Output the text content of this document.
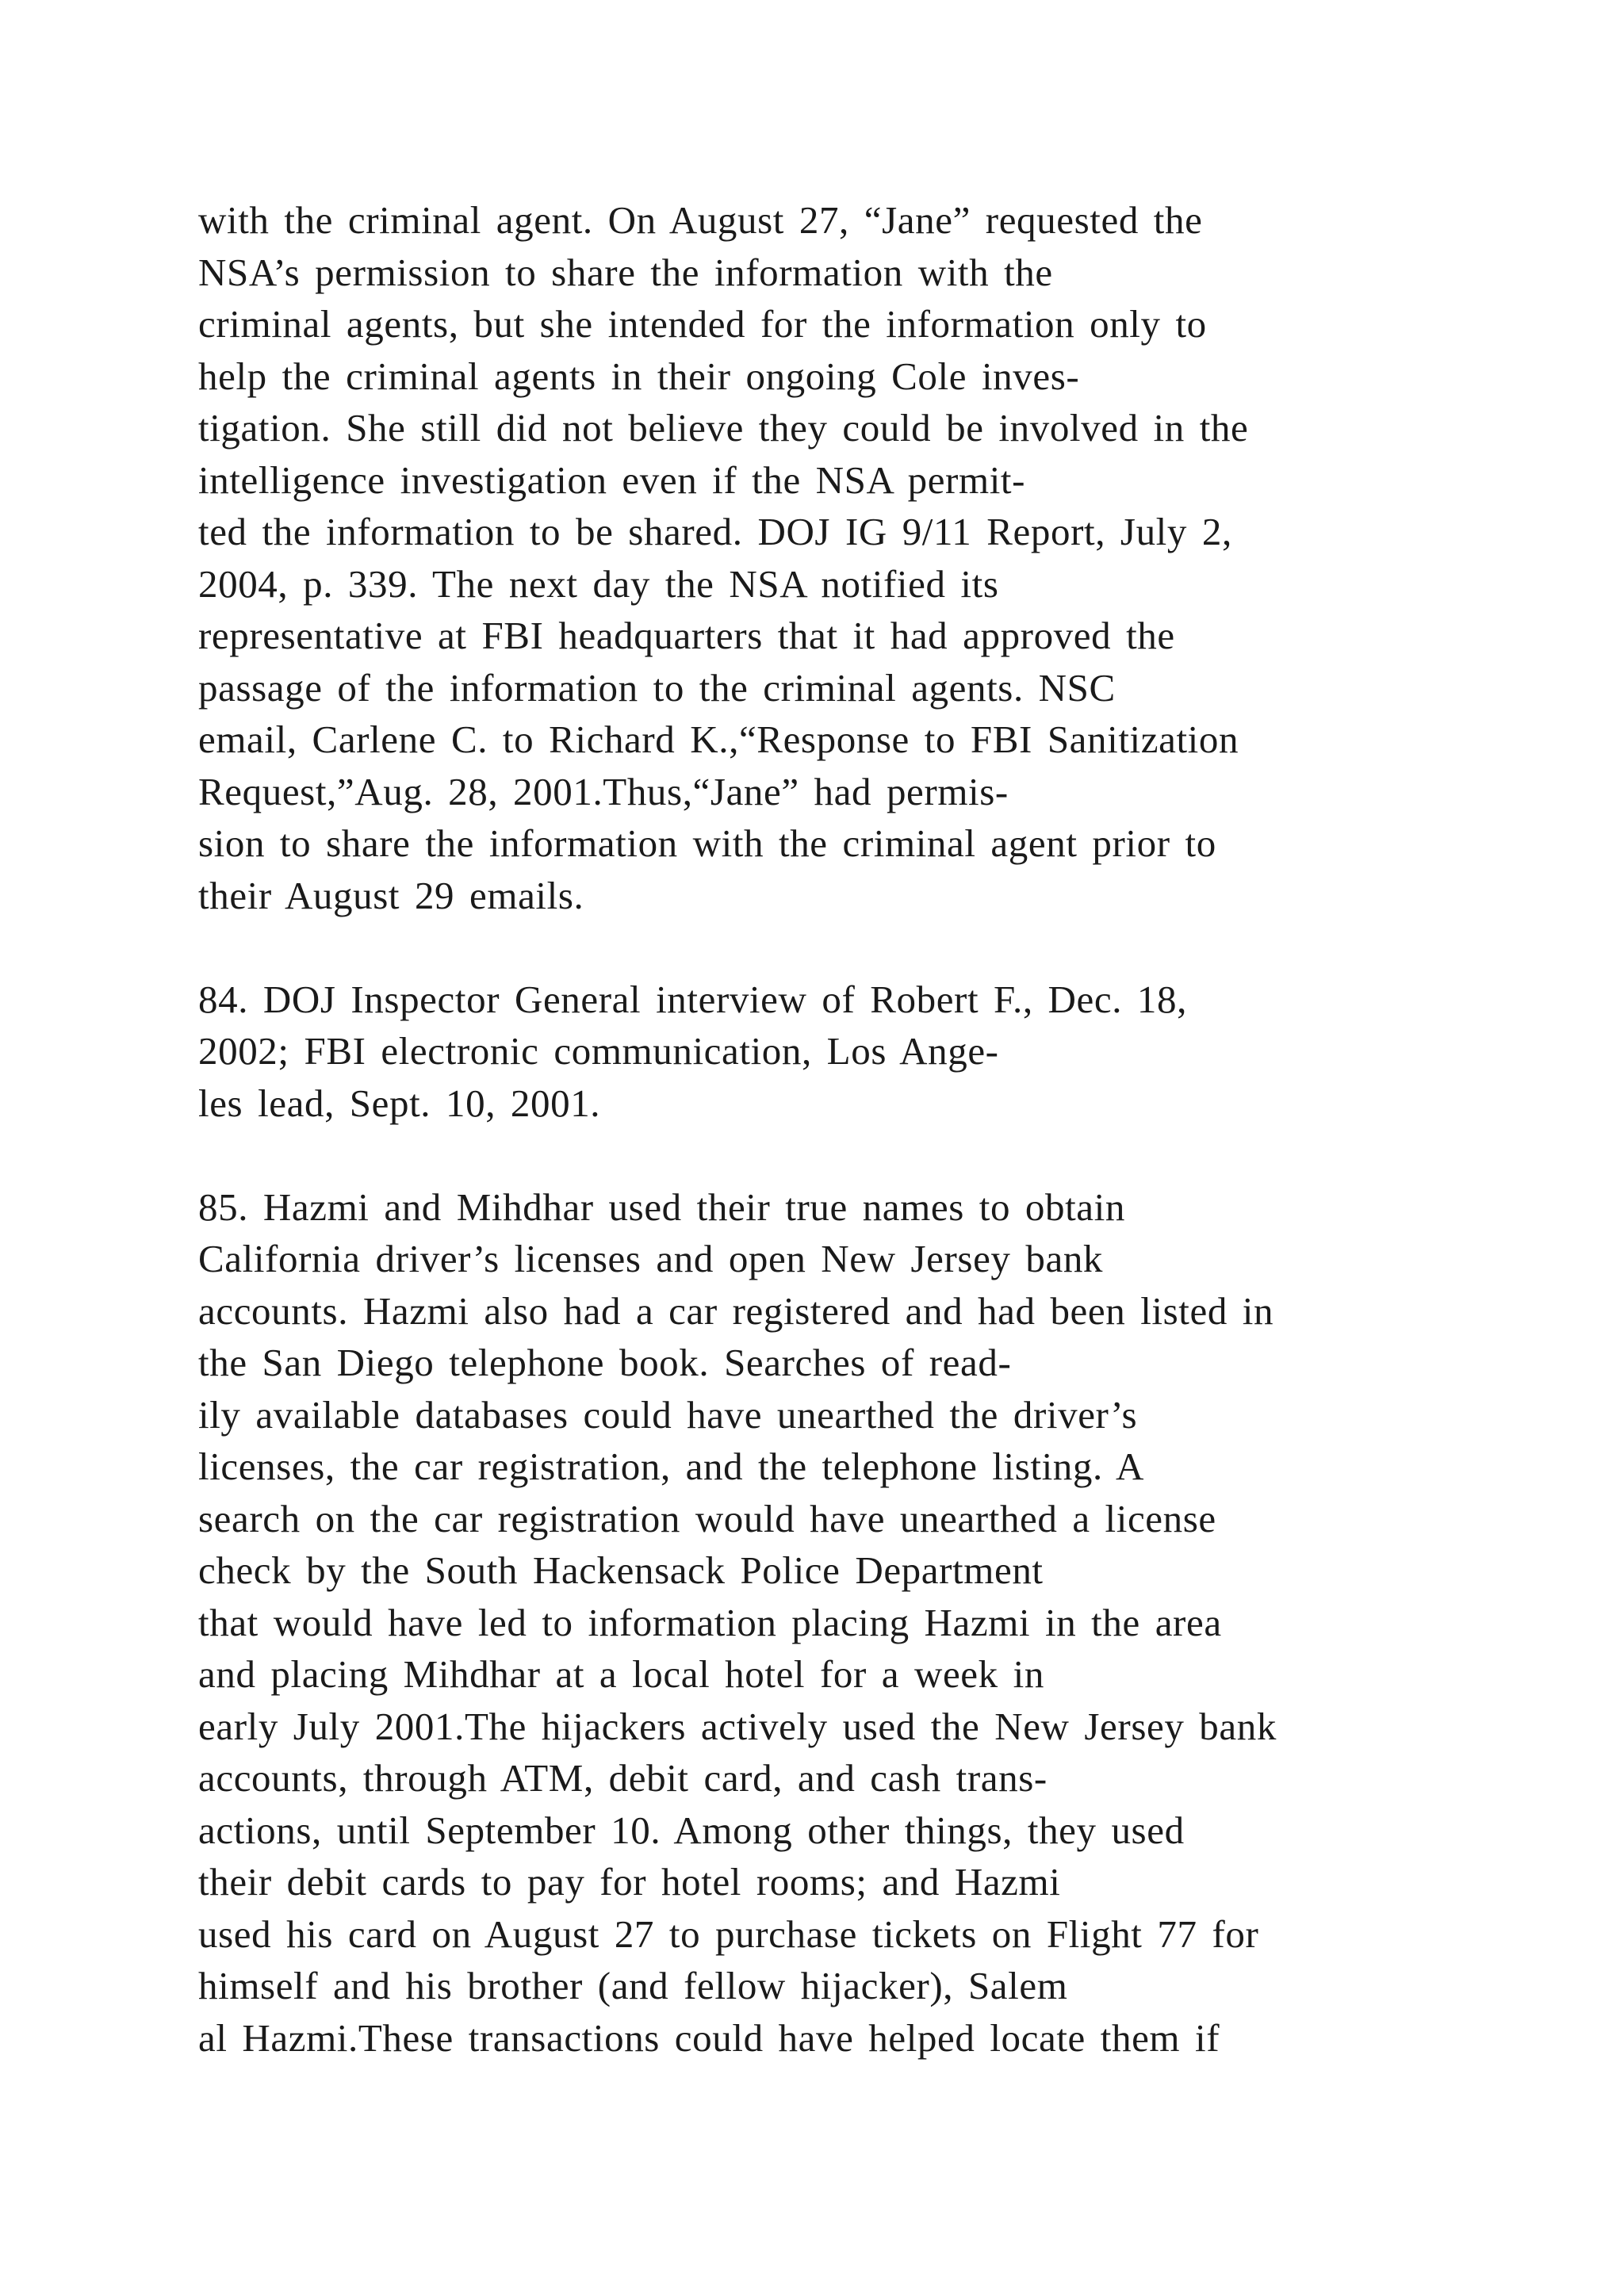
with the criminal agent. On August 27, “Jane” requested the
NSA’s permission to share the information with the
criminal agents, but she intended for the information only to
help the criminal agents in their ongoing Cole inves-
tigation. She still did not believe they could be involved in the
intelligence investigation even if the NSA permit-
ted the information to be shared. DOJ IG 9/11 Report, July 2,
2004, p. 339. The next day the NSA notified its
representative at FBI headquarters that it had approved the
passage of the information to the criminal agents. NSC
email, Carlene C. to Richard K.,“Response to FBI Sanitization
Request,”Aug. 28, 2001.Thus,“Jane” had permis-
sion to share the information with the criminal agent prior to
their August 29 emails.
84. DOJ Inspector General interview of Robert F., Dec. 18,
2002; FBI electronic communication, Los Ange-
les lead, Sept. 10, 2001.
85. Hazmi and Mihdhar used their true names to obtain
California driver’s licenses and open New Jersey bank
accounts. Hazmi also had a car registered and had been listed in
the San Diego telephone book. Searches of read-
ily available databases could have unearthed the driver’s
licenses, the car registration, and the telephone listing. A
search on the car registration would have unearthed a license
check by the South Hackensack Police Department
that would have led to information placing Hazmi in the area
and placing Mihdhar at a local hotel for a week in
early July 2001.The hijackers actively used the New Jersey bank
accounts, through ATM, debit card, and cash trans-
actions, until September 10. Among other things, they used
their debit cards to pay for hotel rooms; and Hazmi
used his card on August 27 to purchase tickets on Flight 77 for
himself and his brother (and fellow hijacker), Salem
al Hazmi.These transactions could have helped locate them if
